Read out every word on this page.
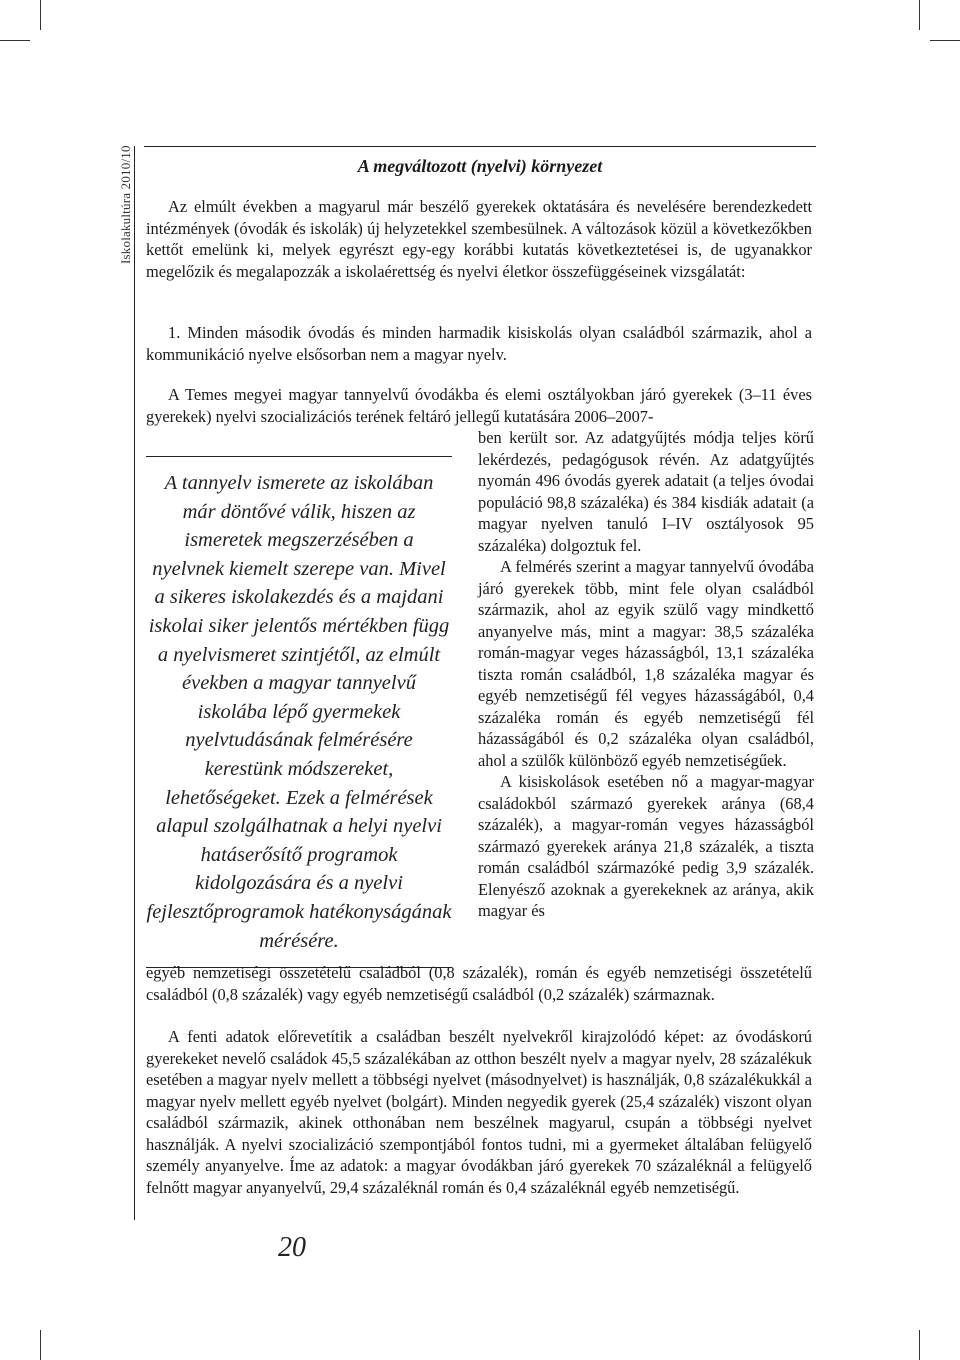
Iskolakultúra 2010/10	A megváltozott (nyelvi) környezet

Az elmúlt években a magyarul már beszélő gyerekek oktatására és nevelésére berendezkedett intézmények (óvodák és iskolák) új helyzetekkel szembesülnek. A változások közül a következőkben kettőt emelünk ki, melyek egyrészt egy-egy korábbi kutatás következtetései is, de ugyanakkor megelőzik és megalapozzák a iskolaérettség és nyelvi életkor összefüggéseinek vizsgálatát:

1. Minden második óvodás és minden harmadik kisiskolás olyan családból származik, ahol a kommunikáció nyelve elsősorban nem a magyar nyelv.

A Temes megyei magyar tannyelvű óvodákba és elemi osztályokban járó gyerekek (3–11 éves gyerekek) nyelvi szocializációs terének feltáró jellegű kutatására 2006–2007-

A tannyelv ismerete az iskolában már döntővé válik, hiszen az ismeretek megszerzésében a nyelvnek kiemelt szerepe van. Mivel a sikeres iskolakezdés és a majdani iskolai siker jelentős mértékben függ a nyelvismeret szintjétől, az elmúlt években a magyar tannyelvű iskolába lépő gyermekek nyelvtudásának felmérésére kerestünk módszereket, lehetőségeket. Ezek a felmérések alapul szolgálhatnak a helyi nyelvi hatáserősítő programok kidolgozására és a nyelvi fejlesztőprogramok hatékonyságának mérésére.

ben került sor. Az adatgyűjtés módja teljes körű lekérdezés, pedagógusok révén. Az adatgyűjtés nyomán 496 óvodás gyerek adatait (a teljes óvodai populáció 98,8 százaléka) és 384 kisdiák adatait (a magyar nyelven tanuló I–IV osztályosok 95 százaléka) dolgoztuk fel.

A felmérés szerint a magyar tannyelvű óvodába járó gyerekek több, mint fele olyan családból származik, ahol az egyik szülő vagy mindkettő anyanyelve más, mint a magyar: 38,5 százaléka román-magyar veges házasságból, 13,1 százaléka tiszta román családból, 1,8 százaléka magyar és egyéb nemzetiségű fél vegyes házasságából, 0,4 százaléka román és egyéb nemzetiségű fél házasságából és 0,2 százaléka olyan családból, ahol a szülők különböző egyéb nemzetiségűek.

A kisiskolások esetében nő a magyar-magyar családokból származó gyerekek aránya (68,4 százalék), a magyar-román vegyes házasságból származó gyerekek aránya 21,8 százalék, a tiszta román családból származóké pedig 3,9 százalék. Elenyésző azoknak a gyerekeknek az aránya, akik magyar és

egyéb nemzetiségi összetételű családból (0,8 százalék), román és egyéb nemzetiségi összetételű családból (0,8 százalék) vagy egyéb nemzetiségű családból (0,2 százalék) származnak.

A fenti adatok előrevetítik a családban beszélt nyelvekről kirajzolódó képet: az óvodáskorú gyerekeket nevelő családok 45,5 százalékában az otthon beszélt nyelv a magyar nyelv, 28 százalékuk esetében a magyar nyelv mellett a többségi nyelvet (másodnyelvet) is használják, 0,8 százalékukkál a magyar nyelv mellett egyéb nyelvet (bolgárt). Minden negyedik gyerek (25,4 százalék) viszont olyan családból származik, akinek otthonában nem beszélnek magyarul, csupán a többségi nyelvet használják. A nyelvi szocializáció szempontjából fontos tudni, mi a gyermeket általában felügyelő személy anyanyelve. Íme az adatok: a magyar óvodákban járó gyerekek 70 százaléknál a felügyelő felnőtt magyar anyanyelvű, 29,4 százaléknál román és 0,4 százaléknál egyéb nemzetiségű.

20
